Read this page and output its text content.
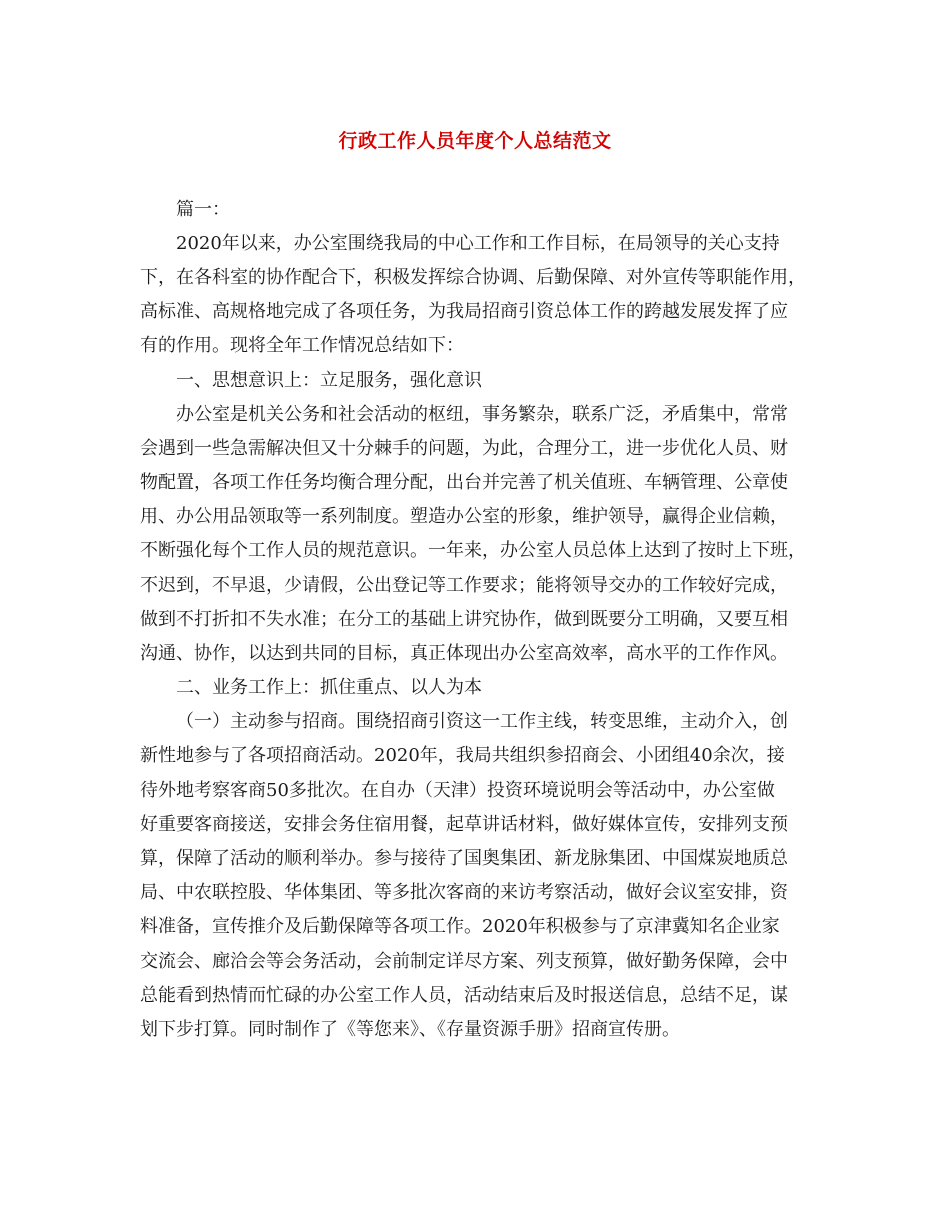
行政工作人员年度个人总结范文
篇一：
2020年以来，办公室围绕我局的中心工作和工作目标，在局领导的关心支持
下，在各科室的协作配合下，积极发挥综合协调、后勤保障、对外宣传等职能作用，
高标准、高规格地完成了各项任务，为我局招商引资总体工作的跨越发展发挥了应
有的作用。现将全年工作情况总结如下：
一、思想意识上：立足服务，强化意识
办公室是机关公务和社会活动的枢纽，事务繁杂，联系广泛，矛盾集中，常常
会遇到一些急需解决但又十分棘手的问题，为此，合理分工，进一步优化人员、财
物配置，各项工作任务均衡合理分配，出台并完善了机关值班、车辆管理、公章使
用、办公用品领取等一系列制度。塑造办公室的形象，维护领导，赢得企业信赖，
不断强化每个工作人员的规范意识。一年来，办公室人员总体上达到了按时上下班，
不迟到，不早退，少请假，公出登记等工作要求；能将领导交办的工作较好完成，
做到不打折扣不失水准；在分工的基础上讲究协作，做到既要分工明确，又要互相
沟通、协作，以达到共同的目标，真正体现出办公室高效率，高水平的工作作风。
二、业务工作上：抓住重点、以人为本
（一）主动参与招商。围绕招商引资这一工作主线，转变思维，主动介入，创
新性地参与了各项招商活动。2020年，我局共组织参招商会、小团组40余次，接
待外地考察客商50多批次。在自办（天津）投资环境说明会等活动中，办公室做
好重要客商接送，安排会务住宿用餐，起草讲话材料，做好媒体宣传，安排列支预
算，保障了活动的顺利举办。参与接待了国奥集团、新龙脉集团、中国煤炭地质总
局、中农联控股、华体集团、等多批次客商的来访考察活动，做好会议室安排，资
料准备，宣传推介及后勤保障等各项工作。2020年积极参与了京津冀知名企业家
交流会、廊洽会等会务活动，会前制定详尽方案、列支预算，做好勤务保障，会中
总能看到热情而忙碌的办公室工作人员，活动结束后及时报送信息，总结不足，谋
划下步打算。同时制作了《等您来》、《存量资源手册》招商宣传册。
